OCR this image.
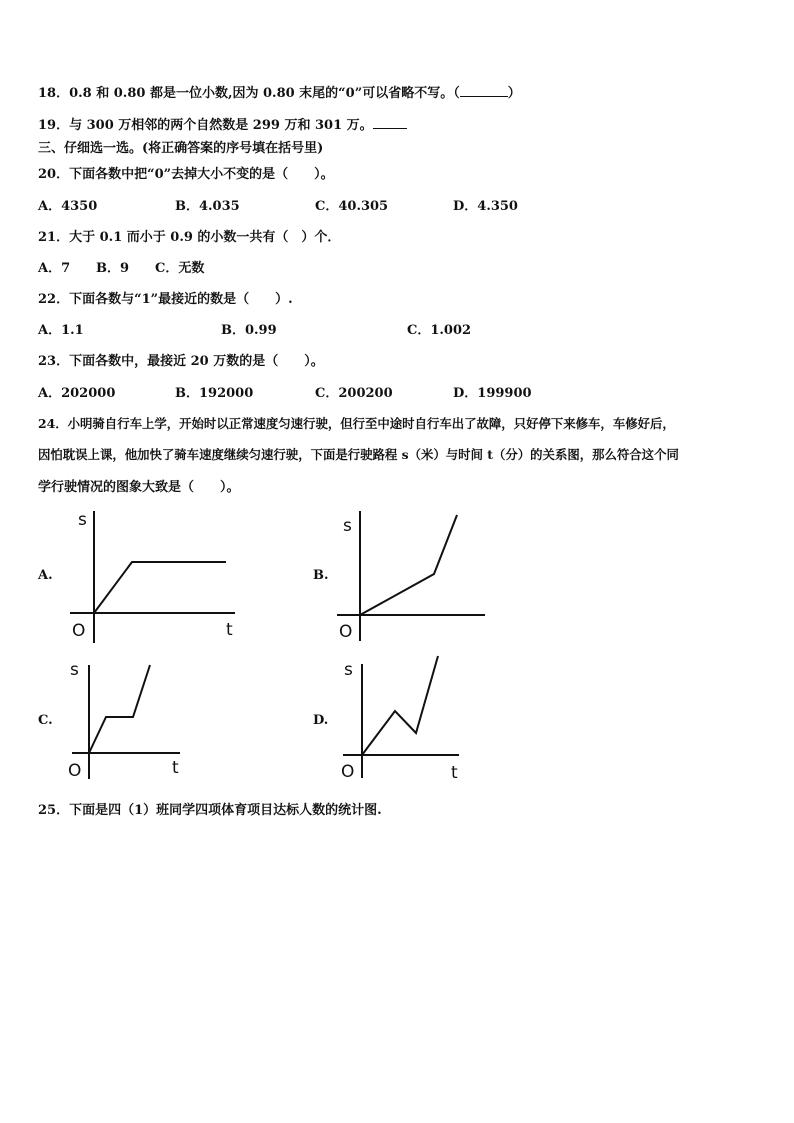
18．0.8 和 0.80 都是一位小数,因为 0.80 末尾的“0”可以省略不写。（	）
19．与 300 万相邻的两个自然数是 299 万和 301 万。
三、仔细选一选。(将正确答案的序号填在括号里)
20．下面各数中把“0”去掉大小不变的是（　　）。
A．4350	B．4.035	C．40.305	D．4.350
21．大于 0.1 而小于 0.9 的小数一共有（　）个．
A．7 B．9 C．无数
22．下面各数与“1”最接近的数是（　　）.
A．1.1	B．0.99	C．1.002
23．下面各数中，最接近 20 万数的是（　　）。
A．202000	B．192000	C．200200	D．199900
24．小明骑自行车上学，开始时以正常速度匀速行驶，但行至中途时自行车出了故障，只好停下来修车，车修好后，
因怕耽误上课，他加快了骑车速度继续匀速行驶，下面是行驶路程 s（米）与时间 t（分）的关系图，那么符合这个同
学行驶情况的图象大致是（　　）。
A.
s
O	t
B.
s
O
C.
s
O	t
D.
s
O	t
25．下面是四（1）班同学四项体育项目达标人数的统计图.
